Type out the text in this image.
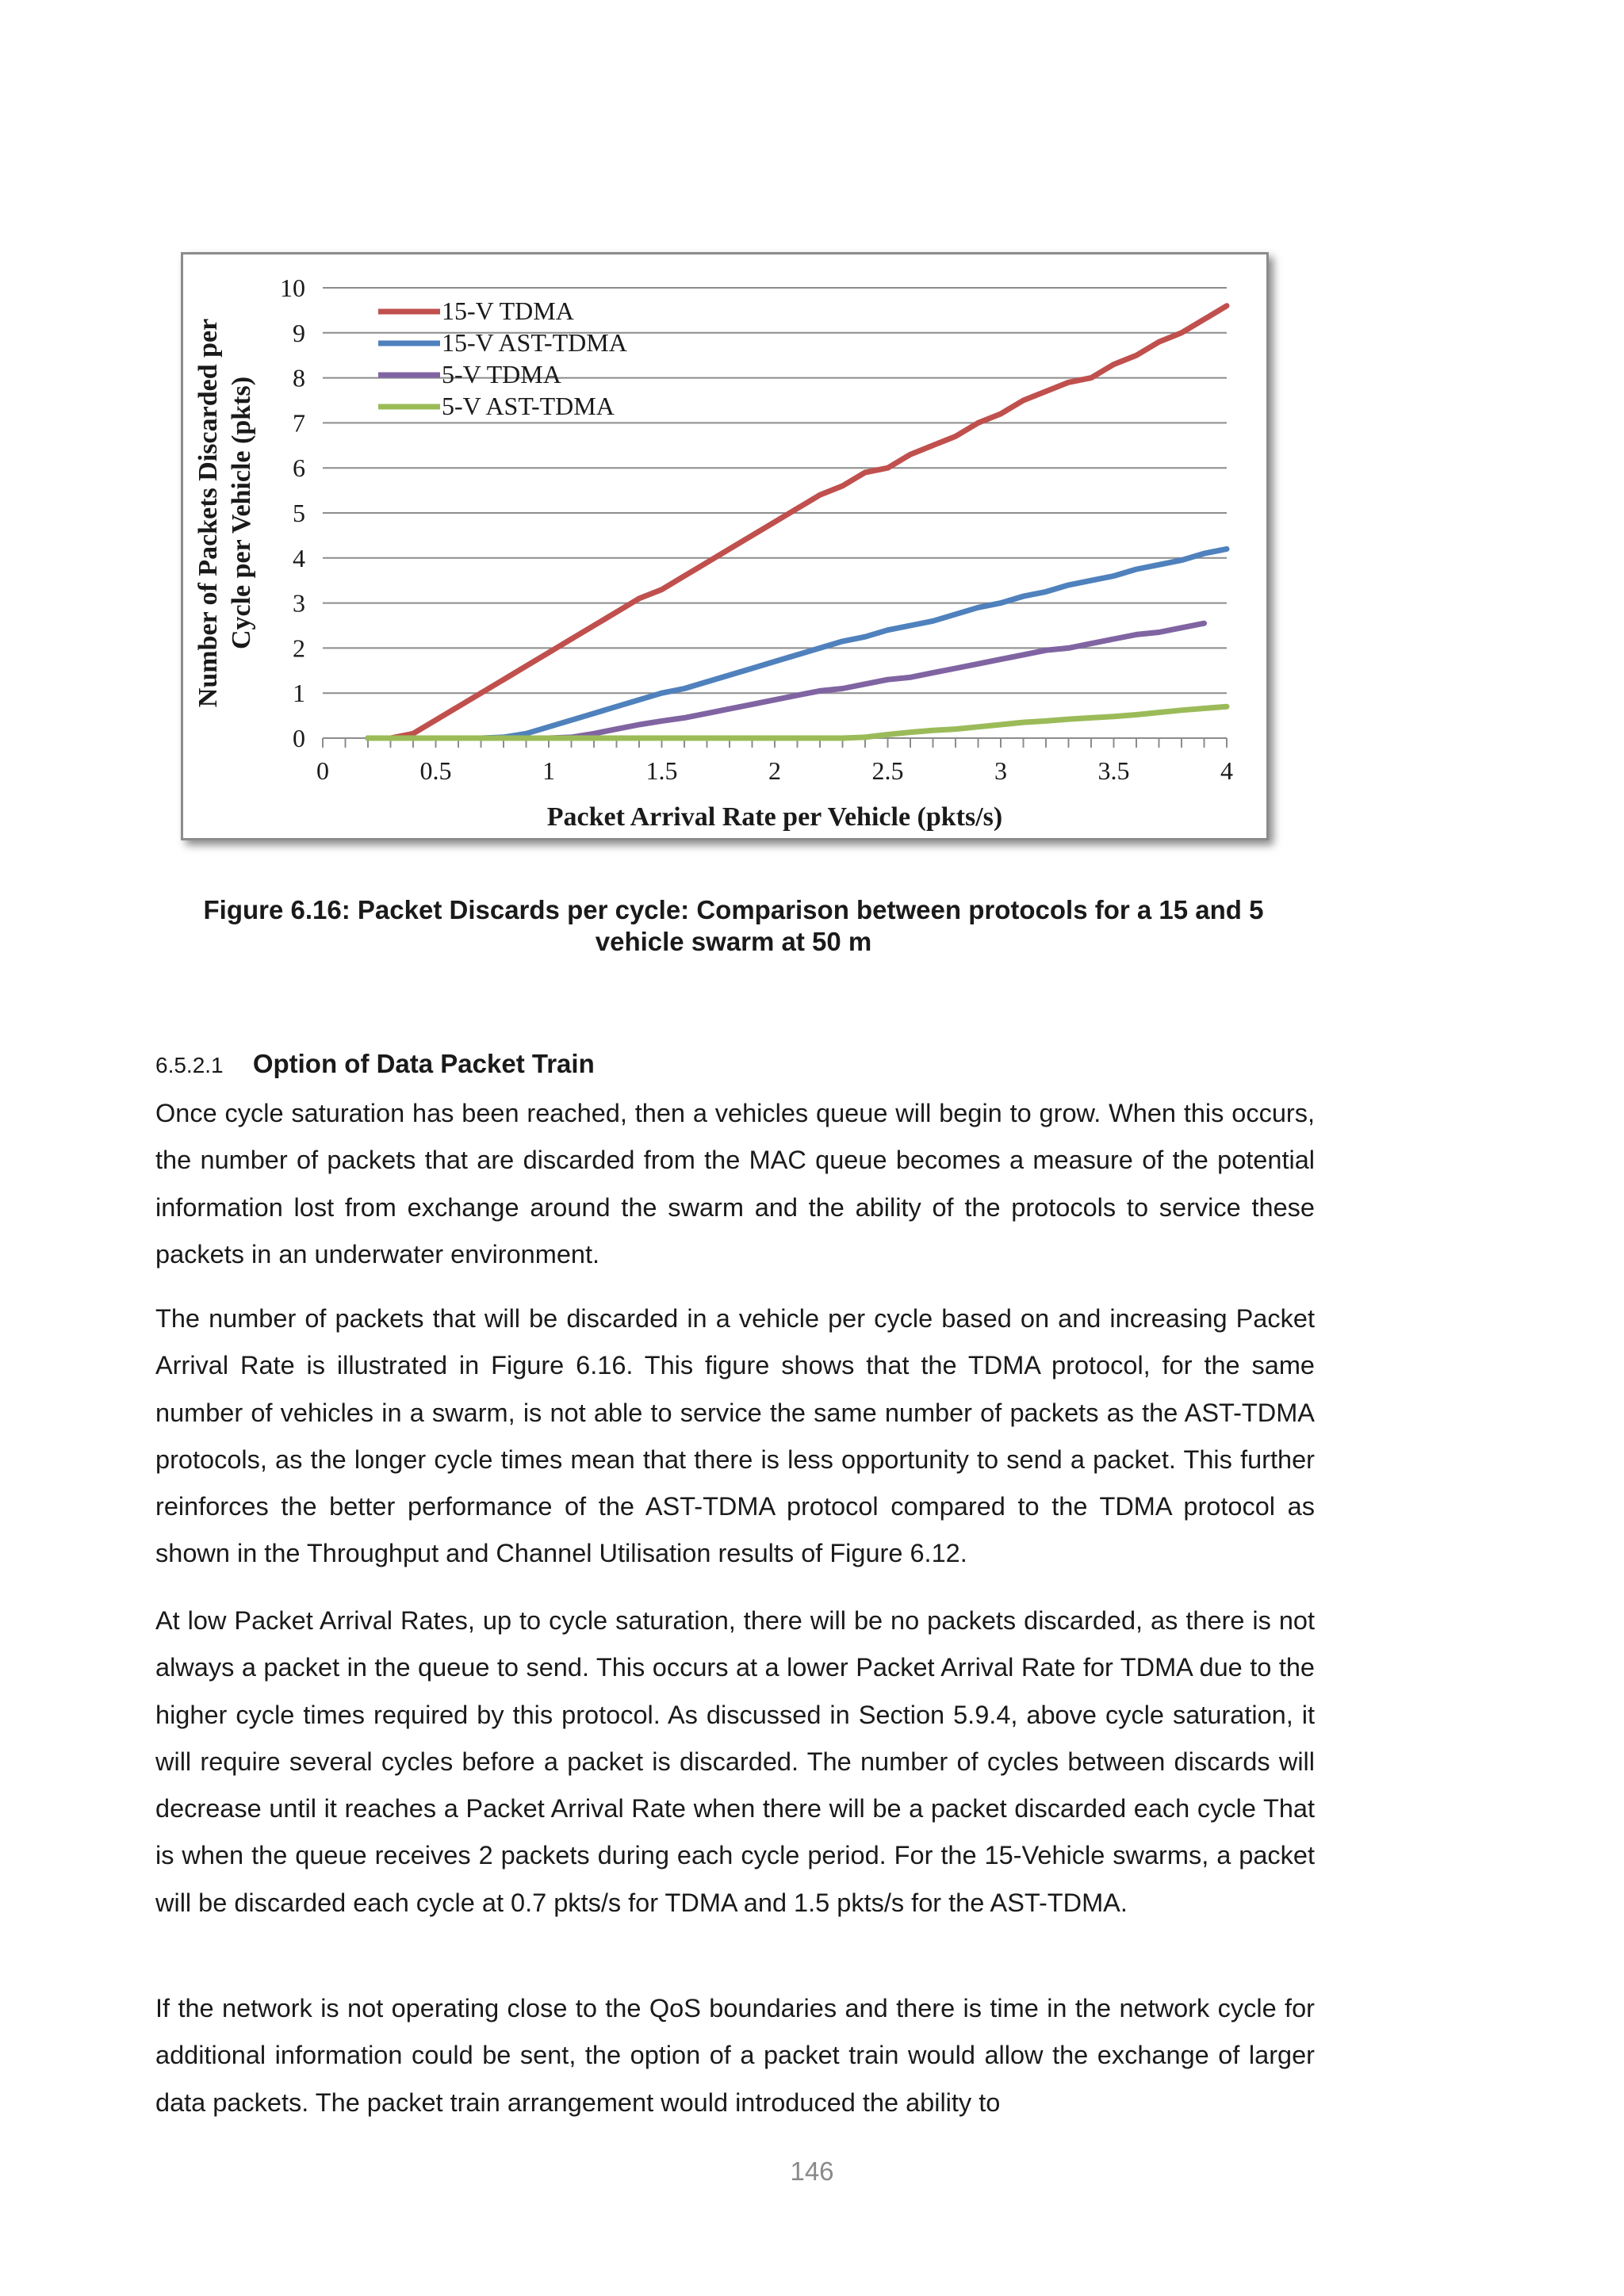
0
1
2
3
4
5
6
7
8
9
10
0	0.5	1	1.5	2	2.5	3	3.5	4
15-V TDMA
15-V AST-TDMA
5-V TDMA
5-V AST-TDMA
Packet Arrival Rate per Vehicle (pkts/s)
Number of Packets Discarded per Cycle per Vehicle (pkts)
Figure 6.16: Packet Discards per cycle: Comparison between protocols for a 15 and 5 vehicle swarm at 50 m
6.5.2.1 Option of Data Packet Train

Once cycle saturation has been reached, then a vehicles queue will begin to grow. When this occurs, the number of packets that are discarded from the MAC queue becomes a measure of the potential information lost from exchange around the swarm and the ability of the protocols to service these packets in an underwater environment.

The number of packets that will be discarded in a vehicle per cycle based on and increasing Packet Arrival Rate is illustrated in Figure 6.16. This figure shows that the TDMA protocol, for the same number of vehicles in a swarm, is not able to service the same number of packets as the AST-TDMA protocols, as the longer cycle times mean that there is less opportunity to send a packet. This further reinforces the better performance of the AST-TDMA protocol compared to the TDMA protocol as shown in the Throughput and Channel Utilisation results of Figure 6.12.

At low Packet Arrival Rates, up to cycle saturation, there will be no packets discarded, as there is not always a packet in the queue to send. This occurs at a lower Packet Arrival Rate for TDMA due to the higher cycle times required by this protocol. As discussed in Section 5.9.4, above cycle saturation, it will require several cycles before a packet is discarded. The number of cycles between discards will decrease until it reaches a Packet Arrival Rate when there will be a packet discarded each cycle That is when the queue receives 2 packets during each cycle period. For the 15-Vehicle swarms, a packet will be discarded each cycle at 0.7 pkts/s for TDMA and 1.5 pkts/s for the AST-TDMA.

If the network is not operating close to the QoS boundaries and there is time in the network cycle for additional information could be sent, the option of a packet train would allow the exchange of larger data packets. The packet train arrangement would introduced the ability to

146
